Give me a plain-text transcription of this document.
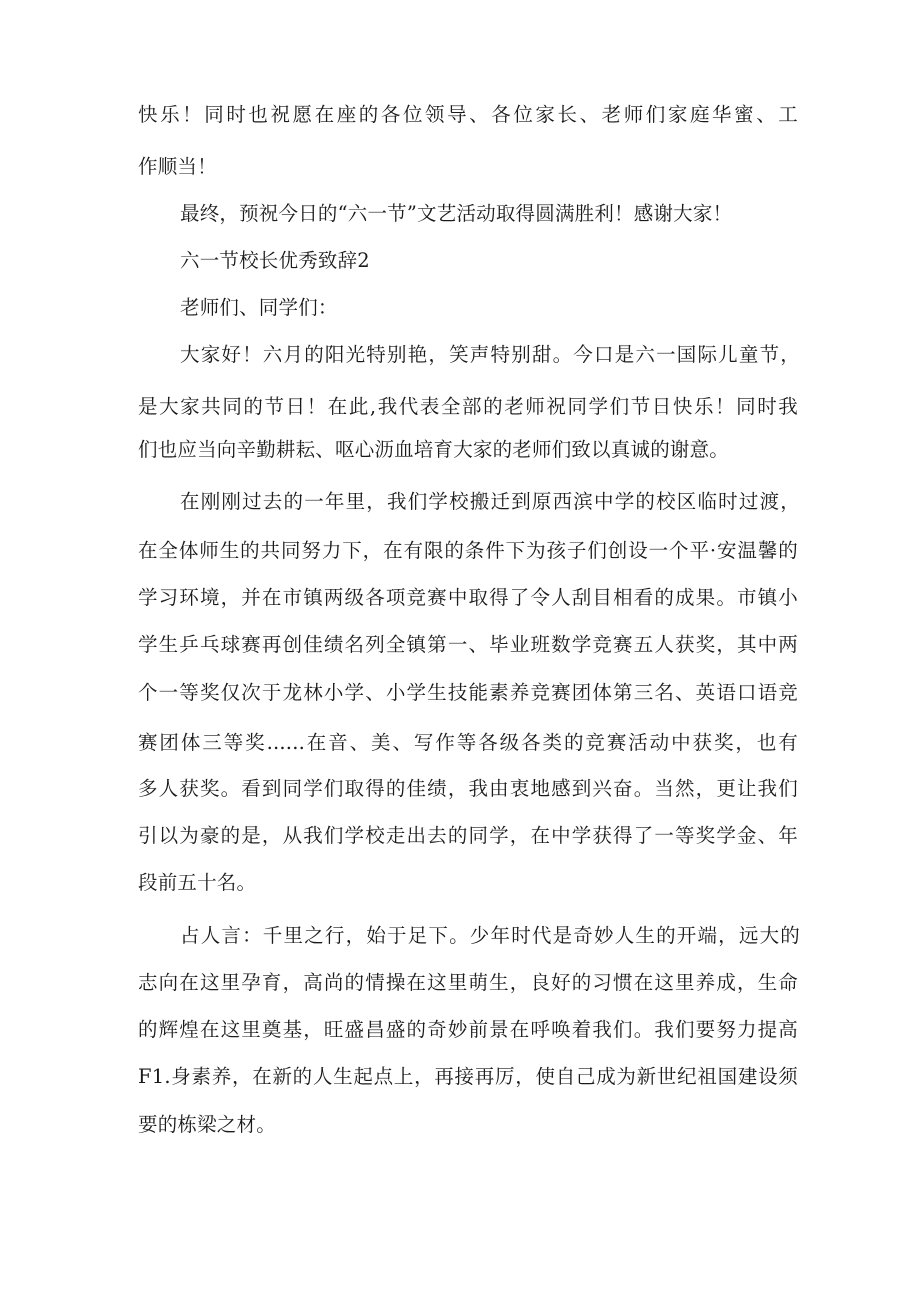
快乐！同时也祝愿在座的各位领导、各位家长、老师们家庭华蜜、工
作顺当！
最终，预祝今日的“六一节”文艺活动取得圆满胜利！感谢大家！
六一节校长优秀致辞2
老师们、同学们：
大家好！六月的阳光特别艳，笑声特别甜。今口是六一国际儿童节，
是大家共同的节日！在此,我代表全部的老师祝同学们节日快乐！同时我
们也应当向辛勤耕耘、呕心沥血培育大家的老师们致以真诚的谢意。
在刚刚过去的一年里，我们学校搬迁到原西滨中学的校区临时过渡，
在全体师生的共同努力下，在有限的条件下为孩子们创设一个平·安温馨的
学习环境，并在市镇两级各项竞赛中取得了令人刮目相看的成果。市镇小
学生乒乓球赛再创佳绩名列全镇第一、毕业班数学竞赛五人获奖，其中两
个一等奖仅次于龙林小学、小学生技能素养竞赛团体第三名、英语口语竞
赛团体三等奖......在音、美、写作等各级各类的竞赛活动中获奖，也有
多人获奖。看到同学们取得的佳绩，我由衷地感到兴奋。当然，更让我们
引以为豪的是，从我们学校走出去的同学，在中学获得了一等奖学金、年
段前五十名。
占人言：千里之行，始于足下。少年时代是奇妙人生的开端，远大的
志向在这里孕育，高尚的情操在这里萌生，良好的习惯在这里养成，生命
的辉煌在这里奠基，旺盛昌盛的奇妙前景在呼唤着我们。我们要努力提高
F1.身素养，在新的人生起点上，再接再厉，使自己成为新世纪祖国建设须
要的栋梁之材。
